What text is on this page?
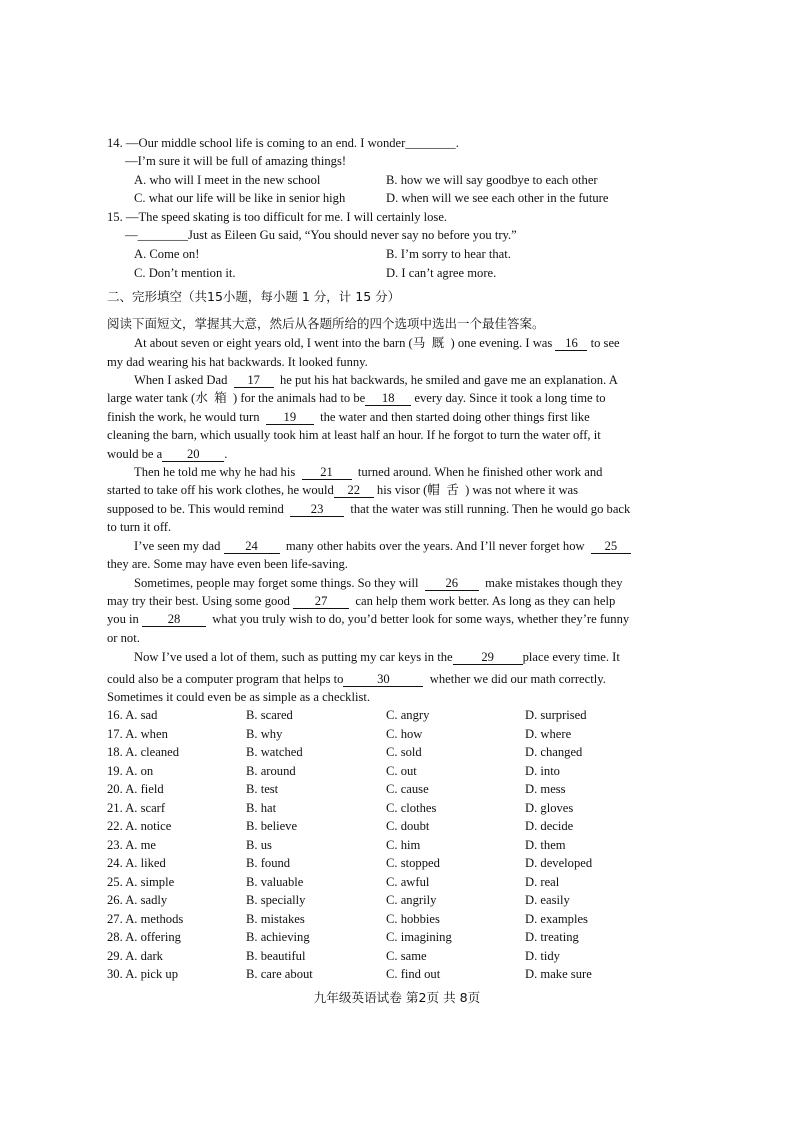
14. —Our middle school life is coming to an end. I wonder________.
—I’m sure it will be full of amazing things!
A. who will I meet in the new school	B. how we will say goodbye to each other
C. what our life will be like in senior high	D. when will we see each other in the future
15. —The speed skating is too difficult for me. I will certainly lose.
—________Just as Eileen Gu said, “You should never say no before you try.”
A. Come on!	B. I’m sorry to hear that.
C. Don’t mention it.	D. I can’t agree more.
二、完形填空（共15小题，每小题 1 分，计 15 分）
阅读下面短文，掌握其大意，然后从各题所给的四个选项中选出一个最佳答案。
At about seven or eight years old, I went into the barn (马  厩  ) one evening. I was 16 to see
my dad wearing his hat backwards. It looked funny.
When I asked Dad 17 he put his hat backwards, he smiled and gave me an explanation. A
large water tank (水  箱  ) for the animals had to be 18 every day. Since it took a long time to
finish the work, he would turn 19 the water and then started doing other things first like
cleaning the barn, which usually took him at least half an hour. If he forgot to turn the water off, it
would be a 20 .
Then he told me why he had his 21 turned around. When he finished other work and
started to take off his work clothes, he would 22 his visor (帽  舌  ) was not where it was
supposed to be. This would remind 23 that the water was still running. Then he would go back
to turn it off.
I’ve seen my dad 24 many other habits over the years. And I’ll never forget how 25
they are. Some may have even been life-saving.
Sometimes, people may forget some things. So they will 26 make mistakes though they
may try their best. Using some good 27 can help them work better. As long as they can help
you in 28	what you truly wish to do, you’d better look for some ways, whether they’re funny
or not.
Now I’ve used a lot of them, such as putting my car keys in the 29 place every time. It
could also be a computer program that helps to	30	whether we did our math correctly.
Sometimes it could even be as simple as a checklist.
16. A. sad	B. scared	C. angry	D. surprised
17. A. when	B. why	C. how	D. where
18. A. cleaned	B. watched	C. sold	D. changed
19. A. on	B. around	C. out	D. into
20. A. field	B. test	C. cause	D. mess
21. A. scarf	B. hat	C. clothes	D. gloves
22. A. notice	B. believe	C. doubt	D. decide
23. A. me	B. us	C. him	D. them
24. A. liked	B. found	C. stopped	D. developed
25. A. simple	B. valuable	C. awful	D. real
26. A. sadly	B. specially	C. angrily	D. easily
27. A. methods	B. mistakes	C. hobbies	D. examples
28. A. offering	B. achieving	C. imagining	D. treating
29. A. dark	B. beautiful	C. same	D. tidy
30. A. pick up	B. care about	C. find out	D. make sure
九年级英语试卷 第2页 共 8页
